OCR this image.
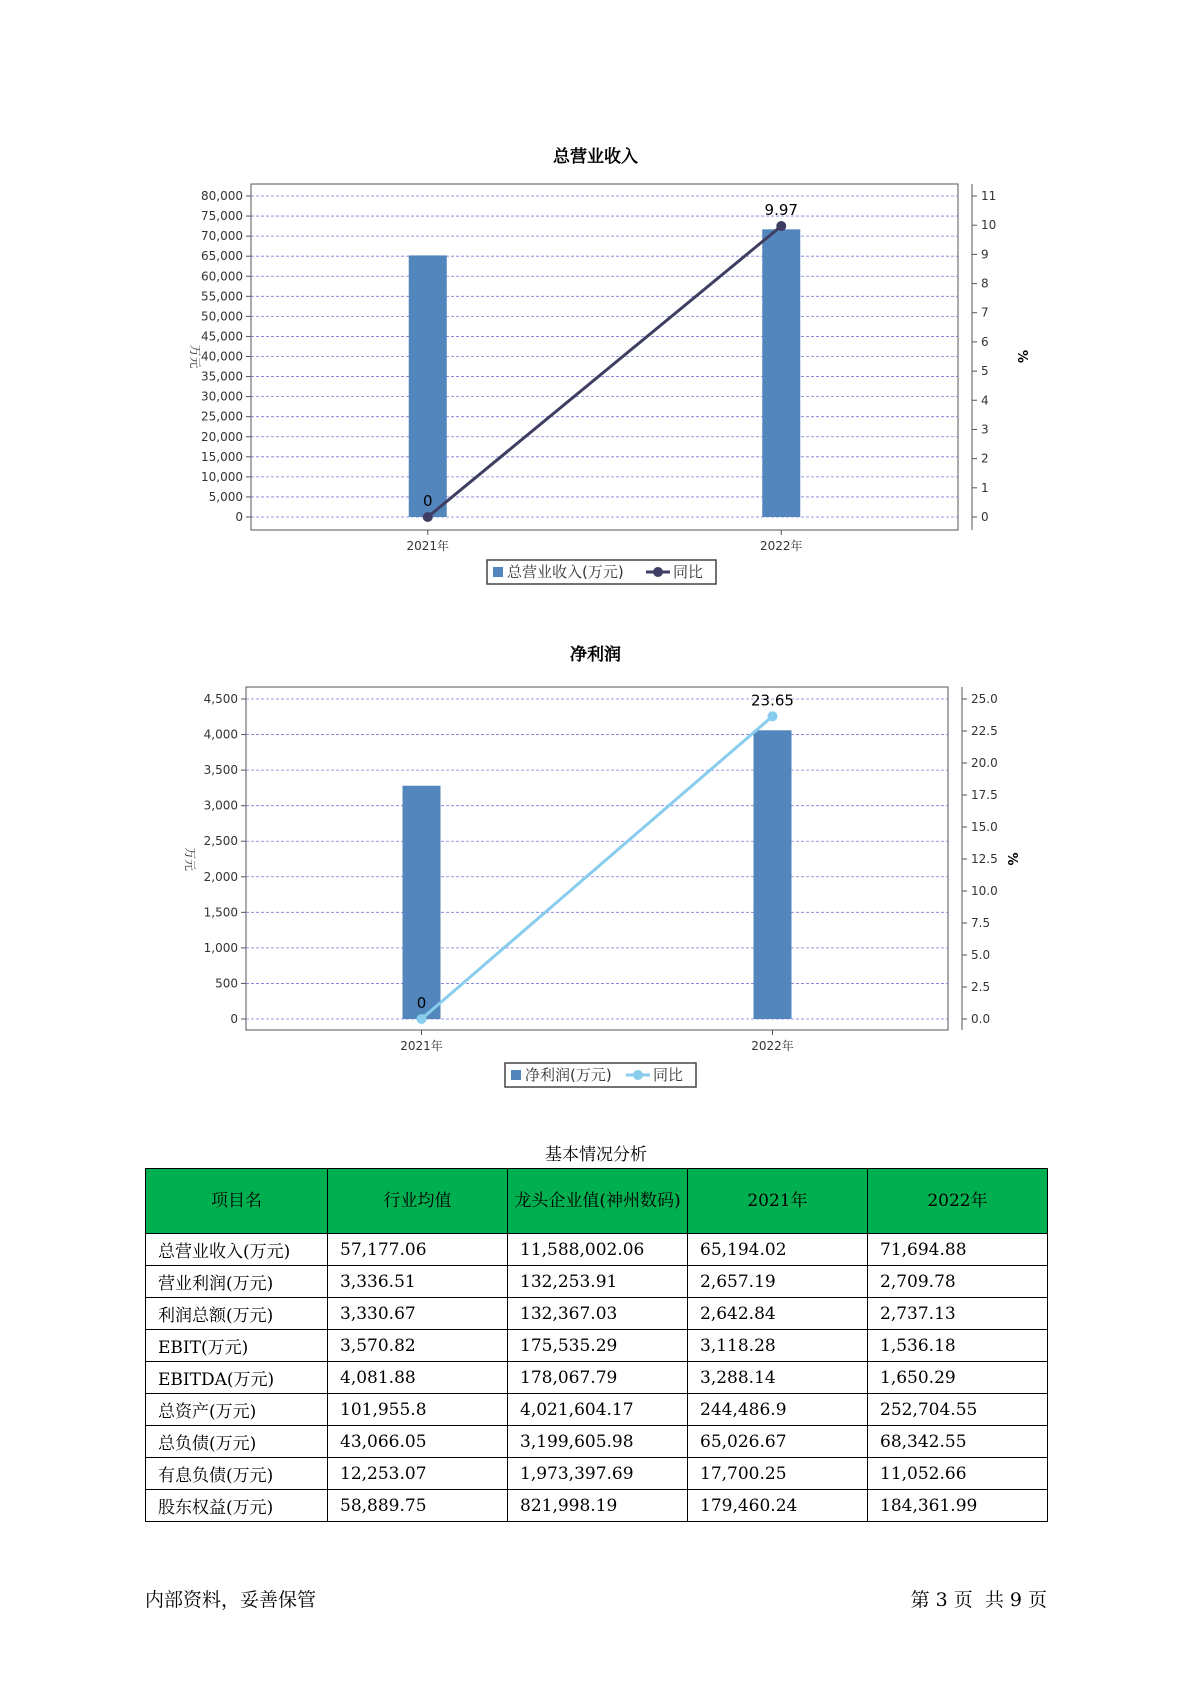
总营业收入
0
5,000
10,000
15,000
20,000
25,000
30,000
35,000
40,000
45,000
50,000
55,000
60,000
65,000
70,000
75,000
80,000
0
1
2
3
4
5
6
7
8
9
10
11
万元	%
2021年	2022年
0
9.97
总营业收入(万元)	同比
净利润
0
500
1,000
1,500
2,000
2,500
3,000
3,500
4,000
4,500
0.0
2.5
5.0
7.5
10.0
12.5
15.0
17.5
20.0
22.5
25.0
万元	%
2021年	2022年
0
23.65
净利润(万元)	同比
基本情况分析
项目名	行业均值	龙头企业值(神州数码)	2021年	2022年
总营业收入(万元)	57,177.06	11,588,002.06	65,194.02	71,694.88
营业利润(万元)	3,336.51	132,253.91	2,657.19	2,709.78
利润总额(万元)	3,330.67	132,367.03	2,642.84	2,737.13
EBIT(万元)	3,570.82	175,535.29	3,118.28	1,536.18
EBITDA(万元)	4,081.88	178,067.79	3,288.14	1,650.29
总资产(万元)	101,955.8	4,021,604.17	244,486.9	252,704.55
总负债(万元)	43,066.05	3,199,605.98	65,026.67	68,342.55
有息负债(万元)	12,253.07	1,973,397.69	17,700.25	11,052.66
股东权益(万元)	58,889.75	821,998.19	179,460.24	184,361.99
内部资料，妥善保管	第 3 页  共 9 页
